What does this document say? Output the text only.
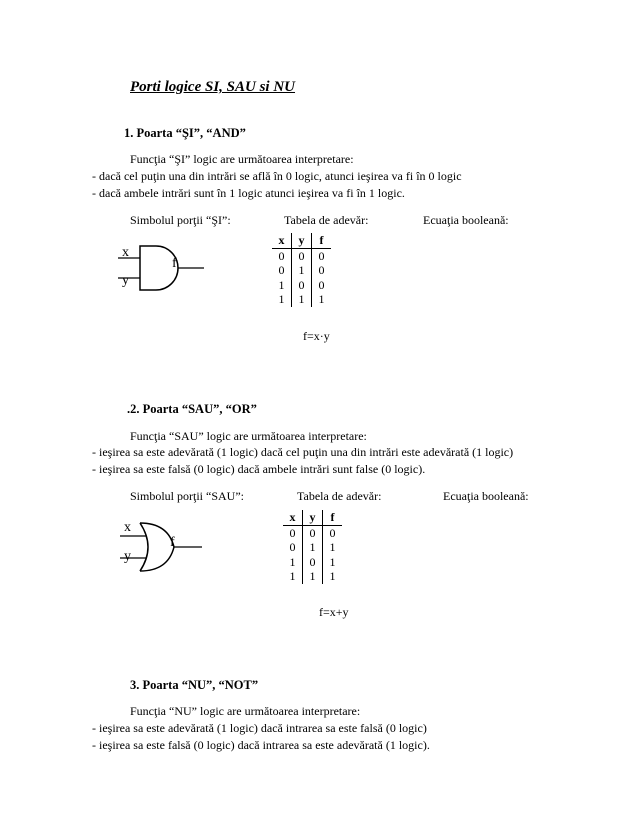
Porti logice SI, SAU si NU
1. Poarta “ŞI”, “AND”
Funcţia “ŞI” logic are următoarea interpretare:
- dacă cel puţin una din intrări se află în 0 logic, atunci ieşirea va fi în 0 logic
- dacă ambele intrări sunt în 1 logic atunci ieşirea va fi în 1 logic.
Simbolul porţii “ŞI”:	Tabela de adevăr:	Ecuaţia booleană:
x
y
f
x	y	f
0	0	0
0	1	0
1	0	0
1	1	1
f=x·y
.2. Poarta “SAU”, “OR”
Funcţia “SAU” logic are următoarea interpretare:
- ieşirea sa este adevărată (1 logic) dacă cel puţin una din intrări este adevărată (1 logic)
- ieşirea sa este falsă (0 logic) dacă ambele intrări sunt false (0 logic).
Simbolul porţii “SAU”:	Tabela de adevăr:	Ecuaţia booleană:
x
y
f
x	y	f
0	0	0
0	1	1
1	0	1
1	1	1
f=x+y
3. Poarta “NU”, “NOT”
Funcţia “NU” logic are următoarea interpretare:
- ieşirea sa este adevărată (1 logic) dacă intrarea sa este falsă (0 logic)
- ieşirea sa este falsă (0 logic) dacă intrarea sa este adevărată (1 logic).
